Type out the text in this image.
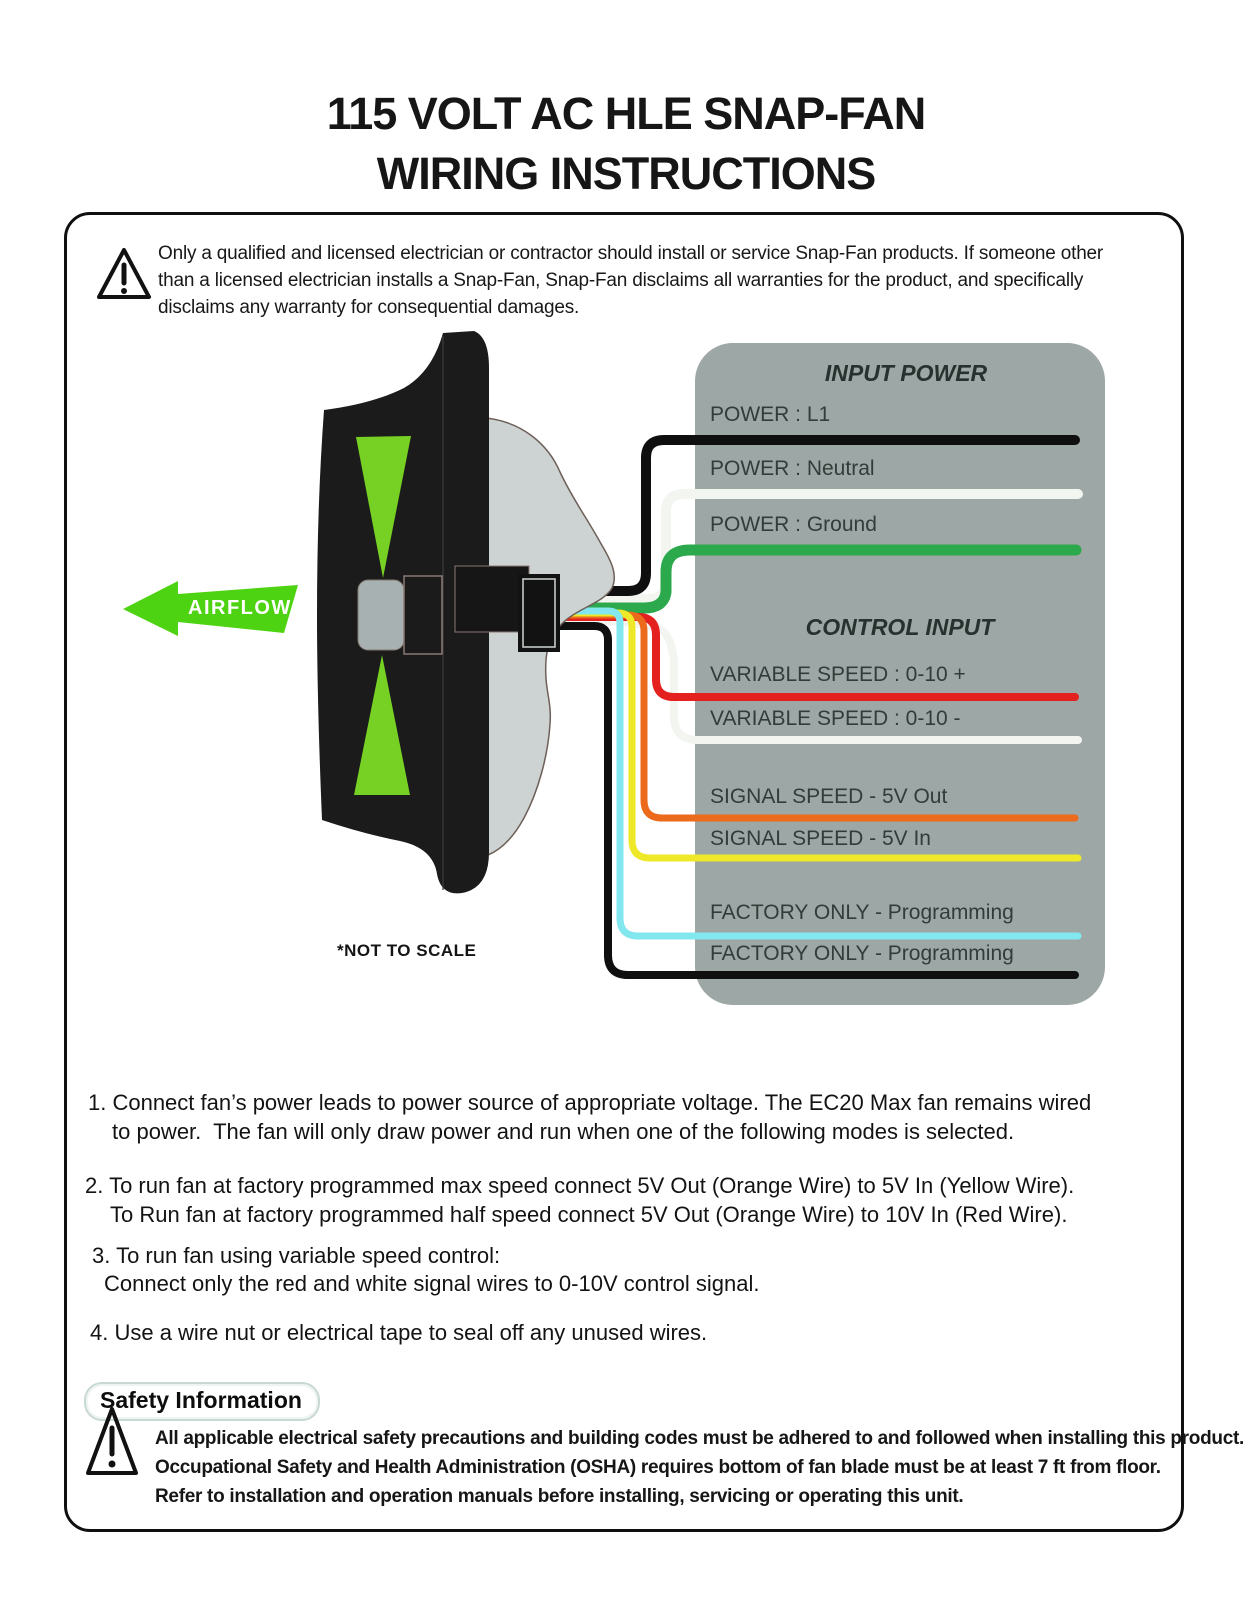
115 VOLT AC HLE SNAP-FAN
WIRING INSTRUCTIONS
Only a qualified and licensed electrician or contractor should install or service Snap-Fan products. If someone other
than a licensed electrician installs a Snap-Fan, Snap-Fan disclaims all warranties for the product, and specifically
disclaims any warranty for consequential damages.
AIRFLOW
*NOT TO SCALE
INPUT POWER
CONTROL INPUT
POWER : L1
POWER : Neutral
POWER : Ground
VARIABLE SPEED : 0-10 +
VARIABLE SPEED : 0-10 -
SIGNAL SPEED - 5V Out
SIGNAL SPEED - 5V In
FACTORY ONLY - Programming
FACTORY ONLY - Programming
1. Connect fan’s power leads to power source of appropriate voltage. The EC20 Max fan remains wired
to power.  The fan will only draw power and run when one of the following modes is selected.
2. To run fan at factory programmed max speed connect 5V Out (Orange Wire) to 5V In (Yellow Wire).
To Run fan at factory programmed half speed connect 5V Out (Orange Wire) to 10V In (Red Wire).
3. To run fan using variable speed control:
Connect only the red and white signal wires to 0-10V control signal.
4. Use a wire nut or electrical tape to seal off any unused wires.
Safety Information
All applicable electrical safety precautions and building codes must be adhered to and followed when installing this product.
Occupational Safety and Health Administration (OSHA) requires bottom of fan blade must be at least 7 ft from floor.
Refer to installation and operation manuals before installing, servicing or operating this unit.
